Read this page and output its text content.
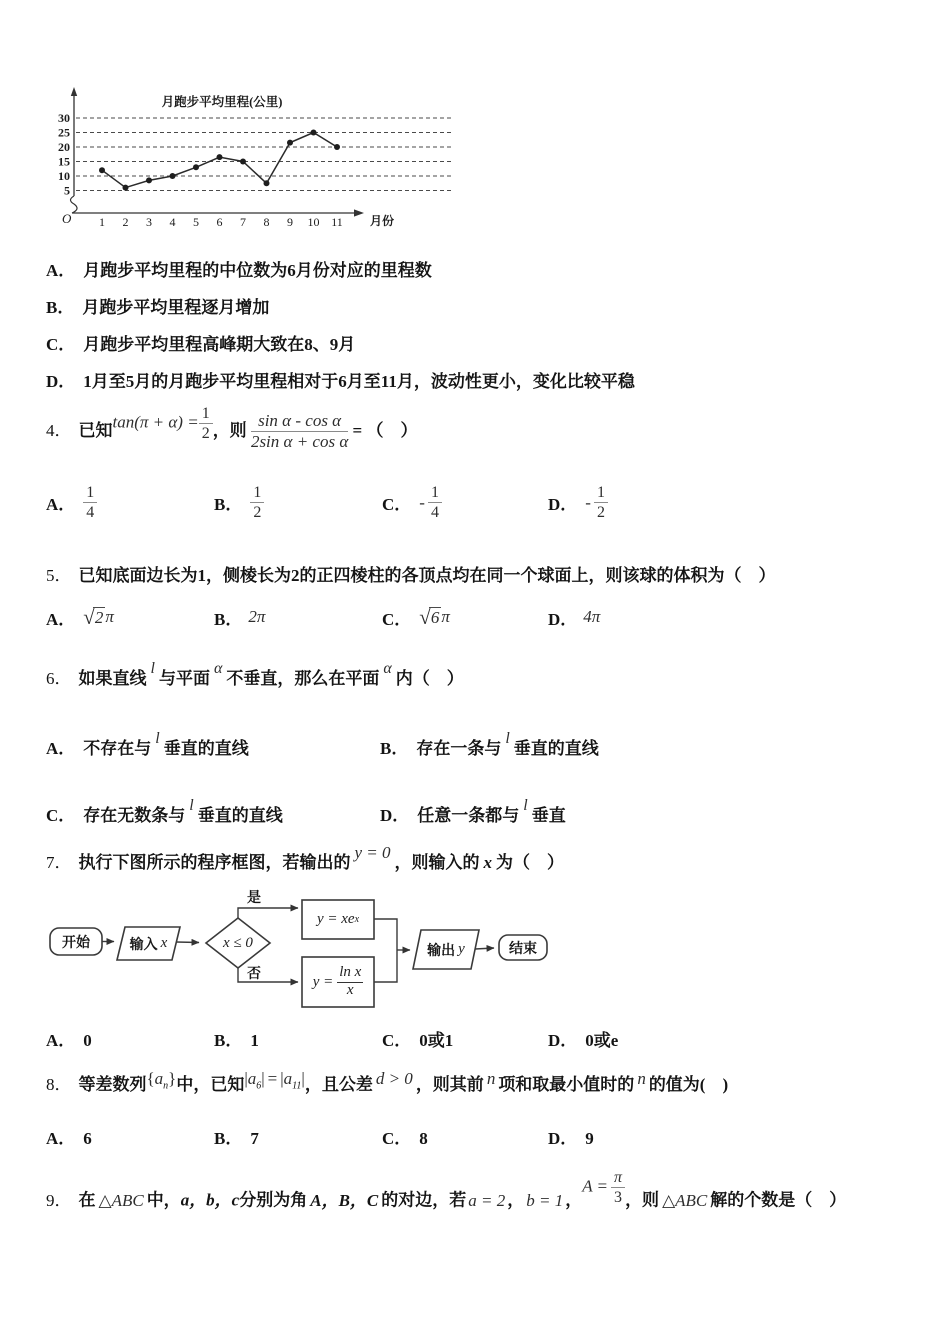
月跑步平均里程(公里)
5
10
15
20
25
30
O	月份
1 2 3 4 5 6 7 8 9 10 11
A． 月跑步平均里程的中位数为6月份对应的里程数
B． 月跑步平均里程逐月增加
C． 月跑步平均里程高峰期大致在8、9月
D． 1月至5月的月跑步平均里程相对于6月至11月，波动性更小，变化比较平稳
4． 已知$\tan(\pi + \alpha) = \frac{1}{2}$ ，则 $\frac{\text{sin α - cos α}}{\text{2sin α + cos α}}$ = （　）
A． $\frac{1}{4}$	B． $\frac{1}{2}$	C． - $\frac{1}{4}$	D． - $\frac{1}{2}$
5． 已知底面边长为1，侧棱长为2的正四棱柱的各顶点均在同一个球面上，则该球的体积为（　）
A． √ 2 π	B． 2π	C． √ 6 π	D． 4π
6． 如果直线l与平面α不垂直，那么在平面α内（　）
A． 不存在与l垂直的直线	B． 存在一条与l垂直的直线
C． 存在无数条与l垂直的直线	D． 任意一条都与l垂直
7． 执行下图所示的程序框图，若输出的y = 0，则输入的 x 为（　）
开始	输入 x	x ≤ 0
是
否
y = xe x
$y = \frac{\text{ln x}}{x}$
输出 y	结束
A． 0	B． 1	C． 0或1	D． 0或e
8． 等差数列$\{a_n\}$中，已知$|a_6| = |a_{11}|$，且公差 d > 0 ，则其前 n 项和取最小值时的 n 的值为(　)
A． 6	B． 7	C． 8	D． 9
9． 在 △ABC 中，a，b，c分别为角 A，B，C 的对边，若 a = 2 ， b = 1 ，$A = \frac{\pi}{3}$ ，则 △ABC 解的个数是（　）
